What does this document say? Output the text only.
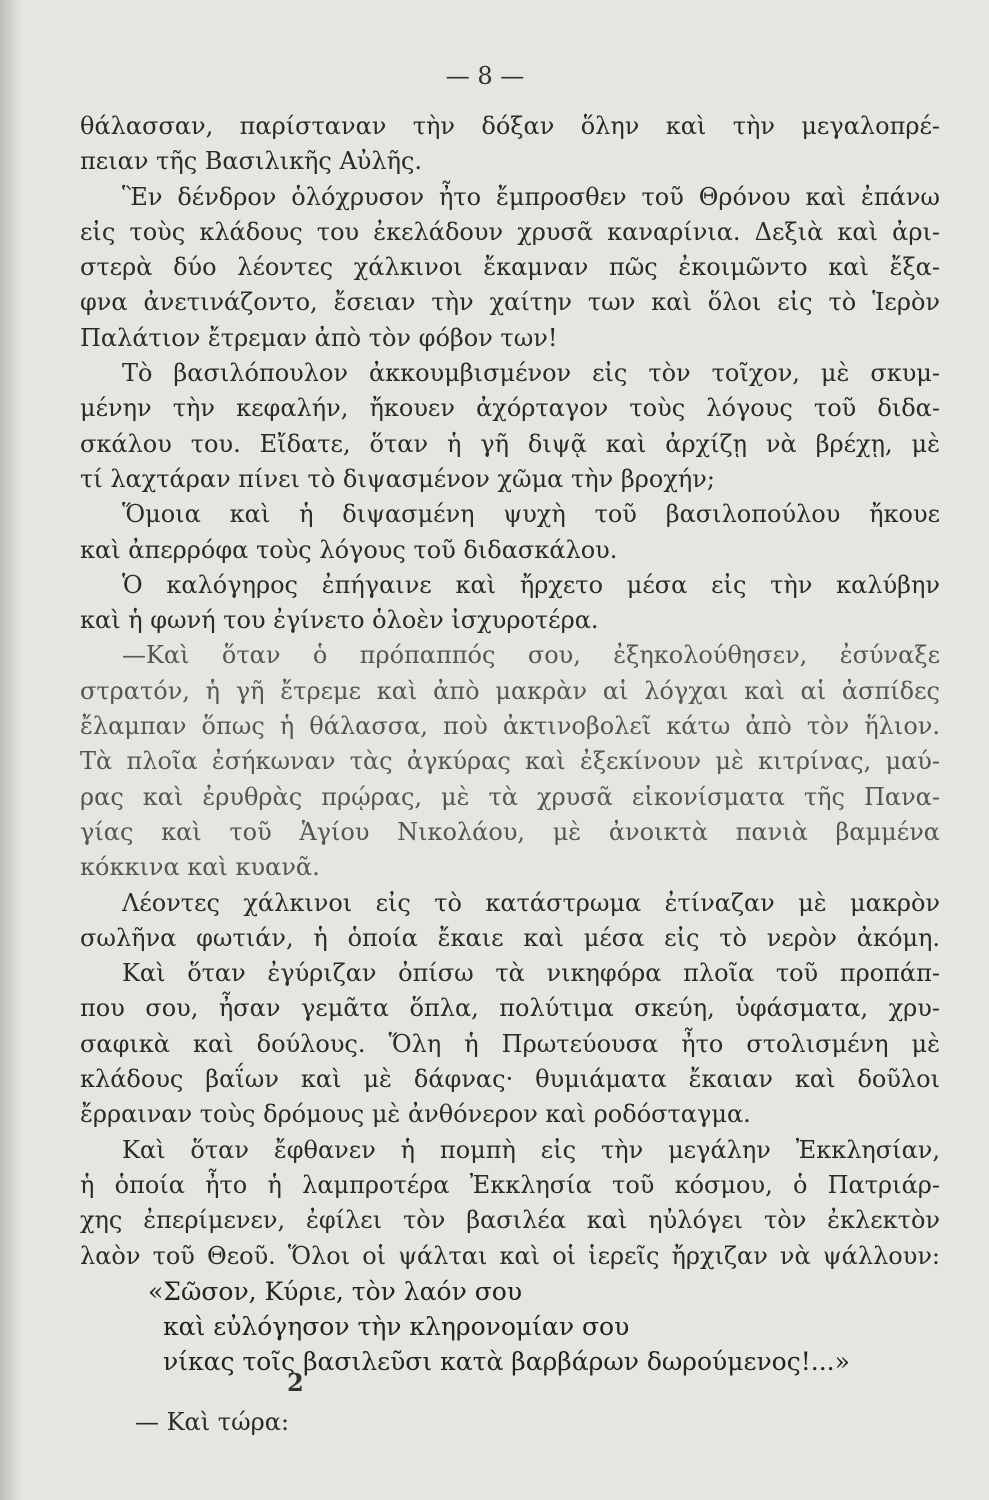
— 8 —
θάλασσαν, παρίσταναν τὴν δόξαν ὅλην καὶ τὴν μεγαλοπρέ-
πειαν τῆς Βασιλικῆς Αὐλῆς.
Ἓν δένδρον ὁλόχρυσον ἦτο ἔμπροσθεν τοῦ Θρόνου καὶ ἐπάνω
εἰς τοὺς κλάδους του ἐκελάδουν χρυσᾶ καναρίνια. Δεξιὰ καὶ ἀρι-
στερὰ δύο λέοντες χάλκινοι ἔκαμναν πῶς ἐκοιμῶντο καὶ ἔξα-
φνα ἀνετινάζοντο, ἔσειαν τὴν χαίτην των καὶ ὅλοι εἰς τὸ Ἱερὸν
Παλάτιον ἔτρεμαν ἀπὸ τὸν φόβον των!
Τὸ βασιλόπουλον ἀκκουμβισμένον εἰς τὸν τοῖχον, μὲ σκυμ-
μένην τὴν κεφαλήν, ἤκουεν ἀχόρταγον τοὺς λόγους τοῦ διδα-
σκάλου του. Εἴδατε, ὅταν ἡ γῆ διψᾷ καὶ ἀρχίζῃ νὰ βρέχῃ, μὲ
τί λαχτάραν πίνει τὸ διψασμένον χῶμα τὴν βροχήν;
Ὅμοια καὶ ἡ διψασμένη ψυχὴ τοῦ βασιλοπούλου ἤκουε
καὶ ἀπερρόφα τοὺς λόγους τοῦ διδασκάλου.
Ὁ καλόγηρος ἐπήγαινε καὶ ἤρχετο μέσα εἰς τὴν καλύβην
καὶ ἡ φωνή του ἐγίνετο ὁλοὲν ἰσχυροτέρα.
—Καὶ ὅταν ὁ πρόπαππός σου, ἐξηκολούθησεν, ἐσύναξε
στρατόν, ἡ γῆ ἔτρεμε καὶ ἀπὸ μακρὰν αἱ λόγχαι καὶ αἱ ἀσπίδες
ἔλαμπαν ὅπως ἡ θάλασσα, ποὺ ἀκτινοβολεῖ κάτω ἀπὸ τὸν ἥλιον.
Τὰ πλοῖα ἐσήκωναν τὰς ἀγκύρας καὶ ἐξεκίνουν μὲ κιτρίνας, μαύ-
ρας καὶ ἐρυθρὰς πρῴρας, μὲ τὰ χρυσᾶ εἰκονίσματα τῆς Πανα-
γίας καὶ τοῦ Ἁγίου Νικολάου, μὲ ἀνοικτὰ πανιὰ βαμμένα
κόκκινα καὶ κυανᾶ.
Λέοντες χάλκινοι εἰς τὸ κατάστρωμα ἐτίναζαν μὲ μακρὸν
σωλῆνα φωτιάν, ἡ ὁποία ἔκαιε καὶ μέσα εἰς τὸ νερὸν ἀκόμη.
Καὶ ὅταν ἐγύριζαν ὀπίσω τὰ νικηφόρα πλοῖα τοῦ προπάπ-
που σου, ἦσαν γεμᾶτα ὅπλα, πολύτιμα σκεύη, ὑφάσματα, χρυ-
σαφικὰ καὶ δούλους. Ὅλη ἡ Πρωτεύουσα ἦτο στολισμένη μὲ
κλάδους βαΐων καὶ μὲ δάφνας· θυμιάματα ἔκαιαν καὶ δοῦλοι
ἔρραιναν τοὺς δρόμους μὲ ἀνθόνερον καὶ ροδόσταγμα.
Καὶ ὅταν ἔφθανεν ἡ πομπὴ εἰς τὴν μεγάλην Ἐκκλησίαν,
ἡ ὁποία ἦτο ἡ λαμπροτέρα Ἐκκλησία τοῦ κόσμου, ὁ Πατριάρ-
χης ἐπερίμενεν, ἐφίλει τὸν βασιλέα καὶ ηὐλόγει τὸν ἐκλεκτὸν
λαὸν τοῦ Θεοῦ. Ὅλοι οἱ ψάλται καὶ οἱ ἱερεῖς ἤρχιζαν νὰ ψάλλουν:
«Σῶσον, Κύριε, τὸν λαόν σου
καὶ εὐλόγησον τὴν κληρονομίαν σου
νίκας τοῖς βασιλεῦσι κατὰ βαρβάρων δωρούμενος!...»
2
— Καὶ τώρα:
